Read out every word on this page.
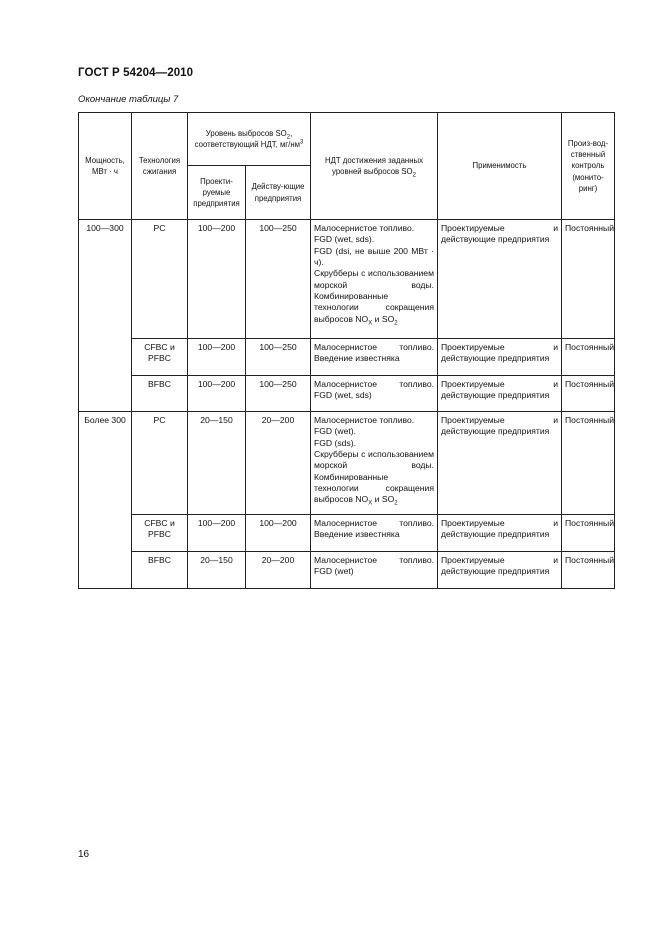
ГОСТ Р 54204—2010
Окончание таблицы 7
Мощность, МВт · ч	Технология сжигания	Уровень выбросов $SO_2$, соответствующий НДТ, $мг/нм^3$		НДТ достижения заданных уровней выбросов $SO_2$	Применимость	Произ-вод-ственный контроль (монито-ринг)
		Проекти-руемые предприятия	Действу-ющие предприятия			
100—300	PC	100—200	100—250	Малосернистое топливо.
FGD (wet, sds).
FGD (dsi, не выше 200 МВт · ч).
Скрубберы с использованием морской воды. Комбинированные технологии сокращения выбросов $NO_X$ и $SO_2$	Проектируемые и действующие предприятия	Постоянный
	CFBC и PFBC	100—200	100—250	Малосернистое топливо. Введение известняка	Проектируемые и действующие предприятия	Постоянный
	BFBC	100—200	100—250	Малосернистое топливо. FGD (wet, sds)	Проектируемые и действующие предприятия	Постоянный
Более 300	PC	20—150	20—200	Малосернистое топливо.
FGD (wet).
FGD (sds).
Скрубберы с использованием морской воды. Комбинированные технологии сокращения выбросов $NO_X$ и $SO_2$	Проектируемые и действующие предприятия	Постоянный
	CFBC и PFBC	100—200	100—200	Малосернистое топливо. Введение известняка	Проектируемые и действующие предприятия	Постоянный
	BFBC	20—150	20—200	Малосернистое топливо. FGD (wet)	Проектируемые и действующие предприятия	Постоянный
16
